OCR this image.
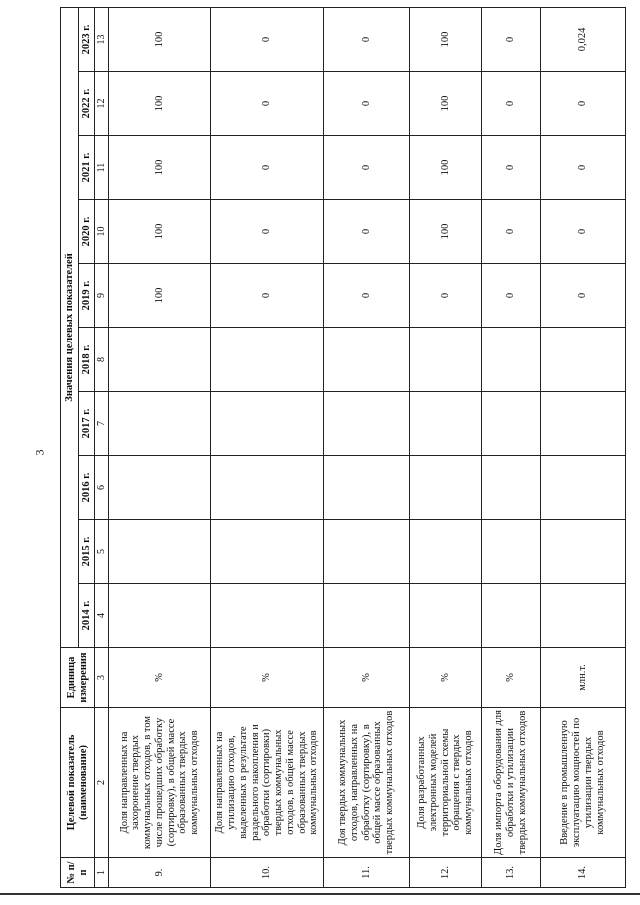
3
№ п/п	Целевой показатель (наименование)	Единица измерения	Значения целевых показателей									
			2014 г.	2015 г.	2016 г.	2017 г.	2018 г.	2019 г.	2020 г.	2021 г.	2022 г.	2023 г.
1	2	3	4	5	6	7	8	9	10	11	12	13
9.	Доля направленных на захоронение твердых коммунальных отходов, в том числе прошедших обработку (сортировку), в общей массе образованных твердых коммунальных отходов	%						100	100	100	100	100
10.	Доля направленных на утилизацию отходов, выделенных в результате раздельного накопления и обработки (сортировки) твердых коммунальных отходов, в общей массе образованных твердых коммунальных отходов	%						0	0	0	0	0
11.	Доя твердых коммунальных отходов, направленных на обработку (сортировку), в общей массе образованных твердых коммунальных отходов	%						0	0	0	0	0
12.	Доля разработанных электронных моделей территориальной схемы обращения с твердых коммунальных отходов	%						0	100	100	100	100
13.	Доля импорта оборудования для обработки и утилизации твердых коммунальных отходов	%						0	0	0	0	0
14.	Введение в промышленную эксплуатацию мощностей по утилизации твердых коммунальных отходов	млн.т.						0	0	0	0	0,024
